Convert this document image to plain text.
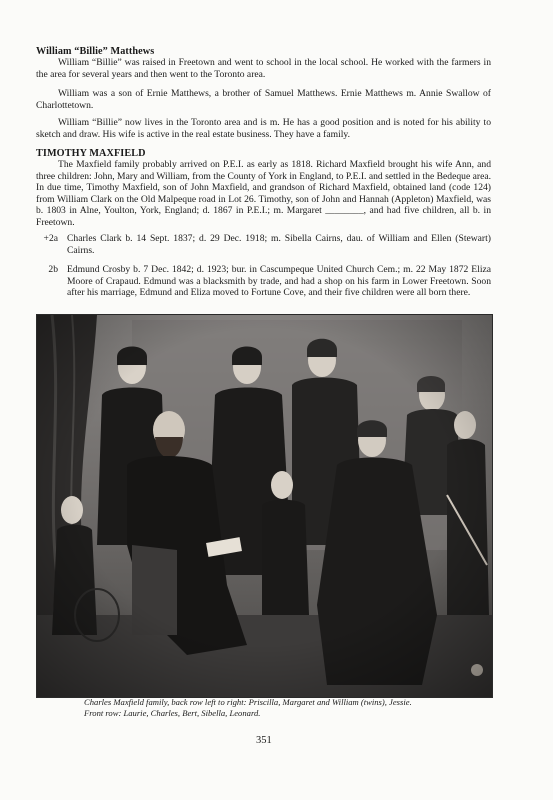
William “Billie” Matthews

William “Billie” was raised in Freetown and went to school in the local school. He worked with the farmers in the area for several years and then went to the Toronto area.

William was a son of Ernie Matthews, a brother of Samuel Matthews. Ernie Matthews m. Annie Swallow of Charlottetown.

William “Billie” now lives in the Toronto area and is m. He has a good position and is noted for his ability to sketch and draw. His wife is active in the real estate business. They have a family.

TIMOTHY MAXFIELD

The Maxfield family probably arrived on P.E.I. as early as 1818. Richard Maxfield brought his wife Ann, and three children: John, Mary and William, from the County of York in England, to P.E.I. and settled in the Bedeque area. In due time, Timothy Maxfield, son of John Maxfield, and grandson of Richard Maxfield, obtained land (code 124) from William Clark on the Old Malpeque road in Lot 26. Timothy, son of John and Hannah (Appleton) Maxfield, was b. 1803 in Alne, Youlton, York, England; d. 1867 in P.E.I.; m. Margaret ________, and had five children, all b. in Freetown.

+2a Charles Clark b. 14 Sept. 1837; d. 29 Dec. 1918; m. Sibella Cairns, dau. of William and Ellen (Stewart) Cairns.

2b Edmund Crosby b. 7 Dec. 1842; d. 1923; bur. in Cascumpeque United Church Cem.; m. 22 May 1872 Eliza Moore of Crapaud. Edmund was a blacksmith by trade, and had a shop on his farm in Lower Freetown. Soon after his marriage, Edmund and Eliza moved to Fortune Cove, and their five children were all born there.

Charles Maxfield family, back row left to right: Priscilla, Margaret and William (twins), Jessie.
Front row: Laurie, Charles, Bert, Sibella, Leonard.
351
